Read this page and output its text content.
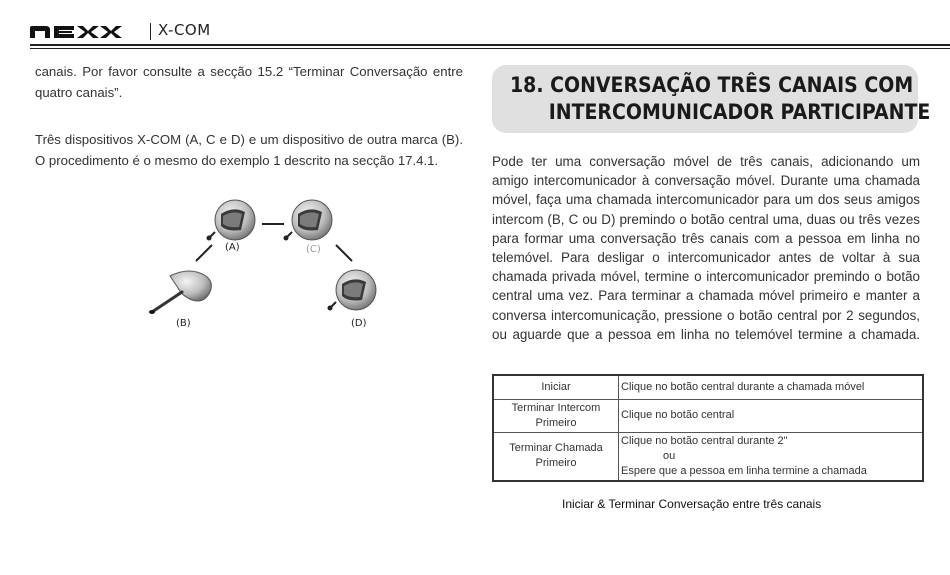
X-COM

canais. Por favor consulte a secção 15.2 “Terminar Conversação entre quatro canais”.

Três dispositivos X-COM (A, C e D) e um dispositivo de outra marca (B). O procedimento é o mesmo do exemplo 1 descrito na secção 17.4.1.

(A)	(C)
(B)	(D)
18. CONVERSAÇÃO TRÊS CANAIS COM
INTERCOMUNICADOR PARTICIPANTE

Pode ter uma conversação móvel de três canais, adicionando um amigo intercomunicador à conversação móvel. Durante uma chamada móvel, faça uma chamada intercomunicador para um dos seus amigos intercom (B, C ou D) premindo o botão central uma, duas ou três vezes para formar uma conversação três canais com a pessoa em linha no telemóvel. Para desligar o intercomunicador antes de voltar à sua chamada privada móvel, termine o intercomunicador premindo o botão central uma vez. Para terminar a chamada móvel primeiro e manter a conversa intercomunicação, pressione o botão central por 2 segundos, ou aguarde que a pessoa em linha no telemóvel termine a chamada.

Iniciar	Clique no botão central durante a chamada móvel
Terminar Intercom Primeiro	Clique no botão central
Terminar Chamada Primeiro	Clique no botão central durante 2"
ou
Espere que a pessoa em linha termine a chamada
Iniciar & Terminar Conversação entre três canais
